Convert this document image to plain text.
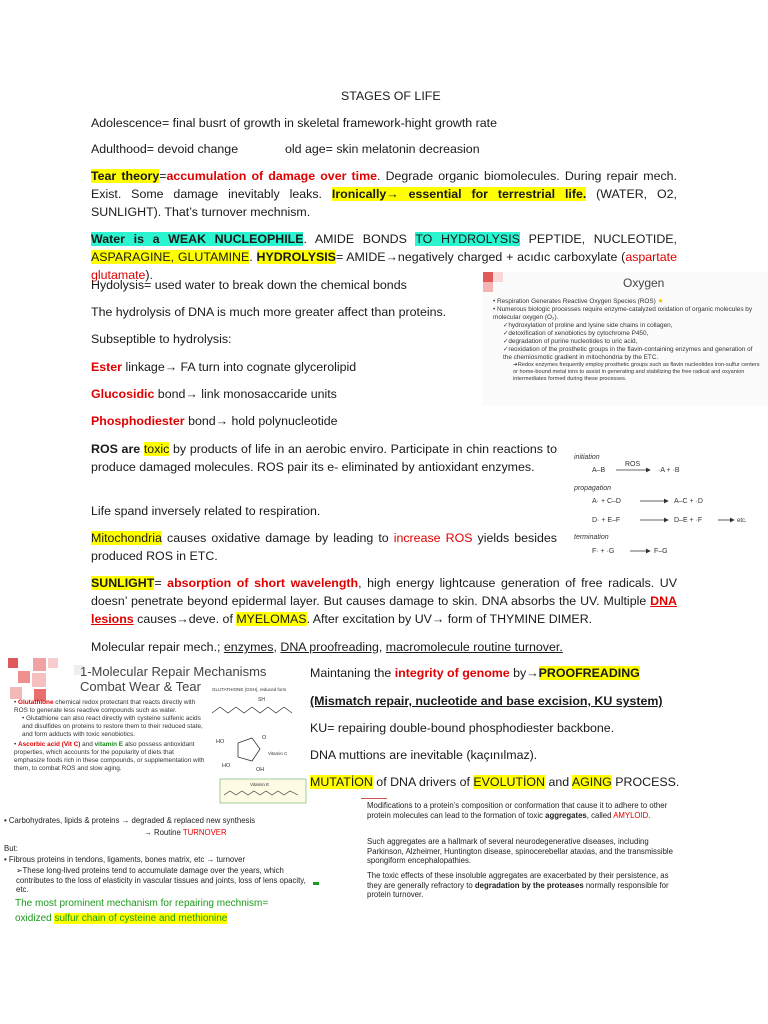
STAGES OF LIFE
Adolescence= final busrt of growth in skeletal framework-hight growth rate
Adulthood= devoid change	old age= skin melatonin decreasion
Tear theory=accumulation of damage over time. Degrade organic biomolecules. During repair mech. Exist. Some damage inevitably leaks. Ironically→ essential for terrestrial life. (WATER, O2, SUNLIGHT). That’s turnover mechnism.
Water is a WEAK NUCLEOPHILE. AMIDE BONDS TO HYDROLYSIS PEPTIDE, NUCLEOTIDE, ASPARAGINE, GLUTAMINE. HYDROLYSIS= AMIDE→negatively charged + acıdıc carboxylate (aspartate glutamate).
Hydolysis= used water to break down the chemical bonds
The hydrolysis of DNA is much more greater affect than proteins.
Subseptible to hydrolysis:
Ester linkage→ FA turn into cognate glycerolipid
Glucosidic bond→ link monosaccaride units
Phosphodiester bond→ hold polynucleotide
Oxygen
• Respiration Generates Reactive Oxygen Species (ROS) ★
• Numerous biologic processes require enzyme-catalyzed oxidation of organic molecules by molecular oxygen (O₂).
✓hydroxylation of proline and lysine side chains in collagen,
✓detoxification of xenobiotics by cytochrome P450,
✓degradation of purine nucleotides to uric acid,
✓reoxidation of the prosthetic groups in the flavin-containing enzymes and generation of the chemiosmotic gradient in mitochondria by the ETC.
➔Redox enzymes frequently employ prosthetic groups such as flavin nucleotides iron-sulfur centers or home-bound metal ions to assist in generating and stabilizing the free radical and oxyanion intermediates formed during these processes.
ROS are toxic by products of life in an aerobic enviro. Participate in chin reactions to produce damaged molecules. ROS pair its e- eliminated by antioxidant enzymes.
initiation
A–B
ROS
·A + ·B
propagation
A· + C–D	A–C + ·D
D· + E–F	D–E + ·F	etc.
termination
F· + ·G	F–G
Life spand inversely related to respiration.
Mitochondria causes oxidative damage by leading to increase ROS yields besides produced ROS in ETC.
SUNLIGHT= absorption of short wavelength, high energy lightcause generation of free radicals. UV doesn’ penetrate beyond epidermal layer. But causes damage to skin. DNA absorbs the UV. Multiple DNA lesions causes→deve. of MYELOMAS. After excitation by UV→ form of THYMINE DIMER.
Molecular repair mech.; enzymes, DNA proofreading, macromolecule routine turnover.
1-Molecular Repair Mechanisms
Combat Wear & Tear
• Glutathione chemical redox protectant that reacts directly with ROS to generate less reactive compounds such as water.
• Glutathione can also react directly with cysteine sulfenic acids and disulfides on proteins to restore them to their reduced state, and form adducts with toxic xenobiotics.
• Ascorbic acid (Vit C) and vitamin E also possess antioxidant properties, which accounts for the popularity of diets that emphasize foods rich in these compounds, or supplementation with them, to combat ROS and slow aging.
GLUTATHIONE (GSH), reduced form
SH
HO
HO
OH
O
Vitamin C
Vitamin E
Maintaning the integrity of genome by→PROOFREADING
(Mismatch repair, nucleotide and base excision, KU system)
KU= repairing double-bound phosphodiester backbone.
DNA muttions are inevitable (kaçınılmaz).
MUTATİON of DNA drivers of EVOLUTİON and AGING PROCESS.
• Carbohydrates, lipids & proteins → degraded & replaced new synthesis
→ Routine TURNOVER
But:
• Fibrous proteins in tendons, ligaments, bones matrix, etc → turnover
➢These long-lived proteins tend to accumulate damage over the years, which contributes to the loss of elasticity in vascular tissues and joints, loss of lens opacity, etc.
The most prominent mechanism for repairing mechnism=
oxidized sulfur chain of cysteine and methionine
Modifications to a protein’s composition or conformation that cause it to adhere to other protein molecules can lead to the formation of toxic aggregates, called AMYLOID.
Such aggregates are a hallmark of several neurodegenerative diseases, including Parkinson, Alzheimer, Huntington disease, spinocerebellar ataxias, and the transmissible spongiform encephalopathies.
The toxic effects of these insoluble aggregates are exacerbated by their persistence, as they are generally refractory to degradation by the proteases normally responsible for protein turnover.
